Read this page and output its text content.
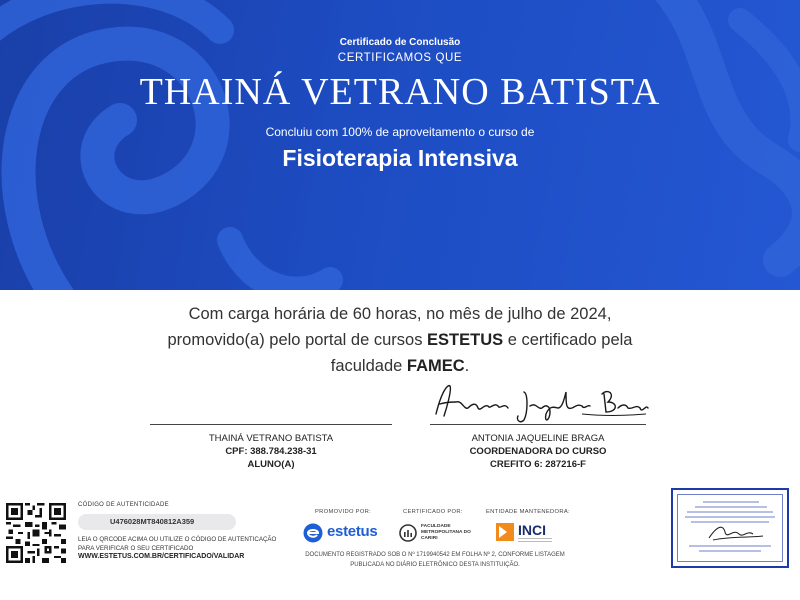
Certificado de Conclusão
CERTIFICAMOS QUE
THAINÁ VETRANO BATISTA
Concluiu com 100% de aproveitamento o curso de
Fisioterapia Intensiva
Com carga horária de 60 horas, no mês de julho de 2024,
promovido(a) pelo portal de cursos ESTETUS e certificado pela
faculdade FAMEC.
THAINÁ VETRANO BATISTA
CPF: 388.784.238-31
ALUNO(A)
ANTONIA JAQUELINE BRAGA
COORDENADORA DO CURSO
CREFITO 6: 287216-F
CÓDIGO DE AUTENTICIDADE
U476028MT840812A359
LEIA O QRCODE ACIMA OU UTILIZE O CÓDIGO DE AUTENTICAÇÃO PARA VERIFICAR O SEU CERTIFICADO
WWW.ESTETUS.COM.BR/CERTIFICADO/VALIDAR
PROMOVIDO POR:	CERTIFICADO POR:	ENTIDADE MANTENEDORA:
estetus	FACULDADE METROPOLITANA DO CARIRI
INCI
DOCUMENTO REGISTRADO SOB O Nº 1719940542 EM FOLHA Nº 2, CONFORME LISTAGEM PUBLICADA NO DIÁRIO ELETRÔNICO DESTA INSTITUIÇÃO.
